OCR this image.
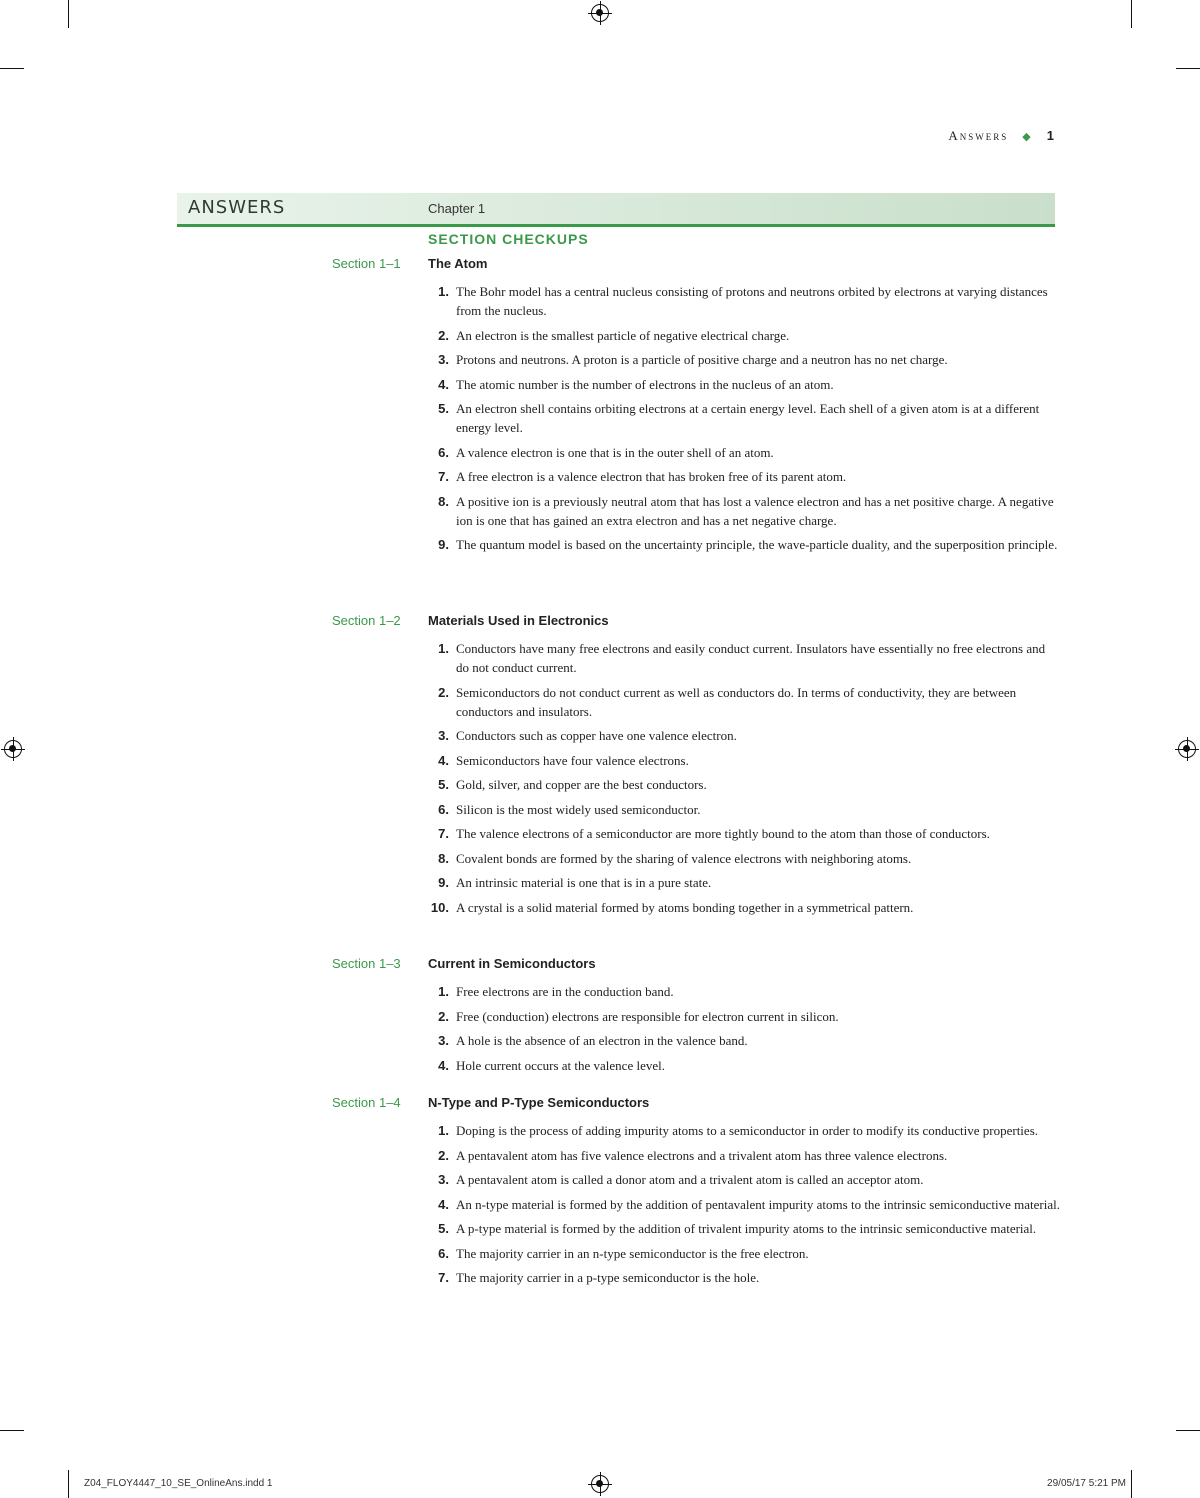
Answers ◆ 1
ANSWERS	Chapter 1
SECTION CHECKUPS
Section 1–1 The Atom
1. The Bohr model has a central nucleus consisting of protons and neutrons orbited by electrons at varying distances from the nucleus.
2. An electron is the smallest particle of negative electrical charge.
3. Protons and neutrons. A proton is a particle of positive charge and a neutron has no net charge.
4. The atomic number is the number of electrons in the nucleus of an atom.
5. An electron shell contains orbiting electrons at a certain energy level. Each shell of a given atom is at a different energy level.
6. A valence electron is one that is in the outer shell of an atom.
7. A free electron is a valence electron that has broken free of its parent atom.
8. A positive ion is a previously neutral atom that has lost a valence electron and has a net positive charge. A negative ion is one that has gained an extra electron and has a net negative charge.
9. The quantum model is based on the uncertainty principle, the wave-particle duality, and the superposition principle.
Section 1–2 Materials Used in Electronics
1. Conductors have many free electrons and easily conduct current. Insulators have essentially no free electrons and do not conduct current.
2. Semiconductors do not conduct current as well as conductors do. In terms of conductivity, they are between conductors and insulators.
3. Conductors such as copper have one valence electron.
4. Semiconductors have four valence electrons.
5. Gold, silver, and copper are the best conductors.
6. Silicon is the most widely used semiconductor.
7. The valence electrons of a semiconductor are more tightly bound to the atom than those of conductors.
8. Covalent bonds are formed by the sharing of valence electrons with neighboring atoms.
9. An intrinsic material is one that is in a pure state.
10. A crystal is a solid material formed by atoms bonding together in a symmetrical pattern.
Section 1–3 Current in Semiconductors
1. Free electrons are in the conduction band.
2. Free (conduction) electrons are responsible for electron current in silicon.
3. A hole is the absence of an electron in the valence band.
4. Hole current occurs at the valence level.
Section 1–4 N-Type and P-Type Semiconductors
1. Doping is the process of adding impurity atoms to a semiconductor in order to modify its conductive properties.
2. A pentavalent atom has five valence electrons and a trivalent atom has three valence electrons.
3. A pentavalent atom is called a donor atom and a trivalent atom is called an acceptor atom.
4. An n-type material is formed by the addition of pentavalent impurity atoms to the intrinsic semiconductive material.
5. A p-type material is formed by the addition of trivalent impurity atoms to the intrinsic semiconductive material.
6. The majority carrier in an n-type semiconductor is the free electron.
7. The majority carrier in a p-type semiconductor is the hole.
Z04_FLOY4447_10_SE_OnlineAns.indd 1	29/05/17 5:21 PM
